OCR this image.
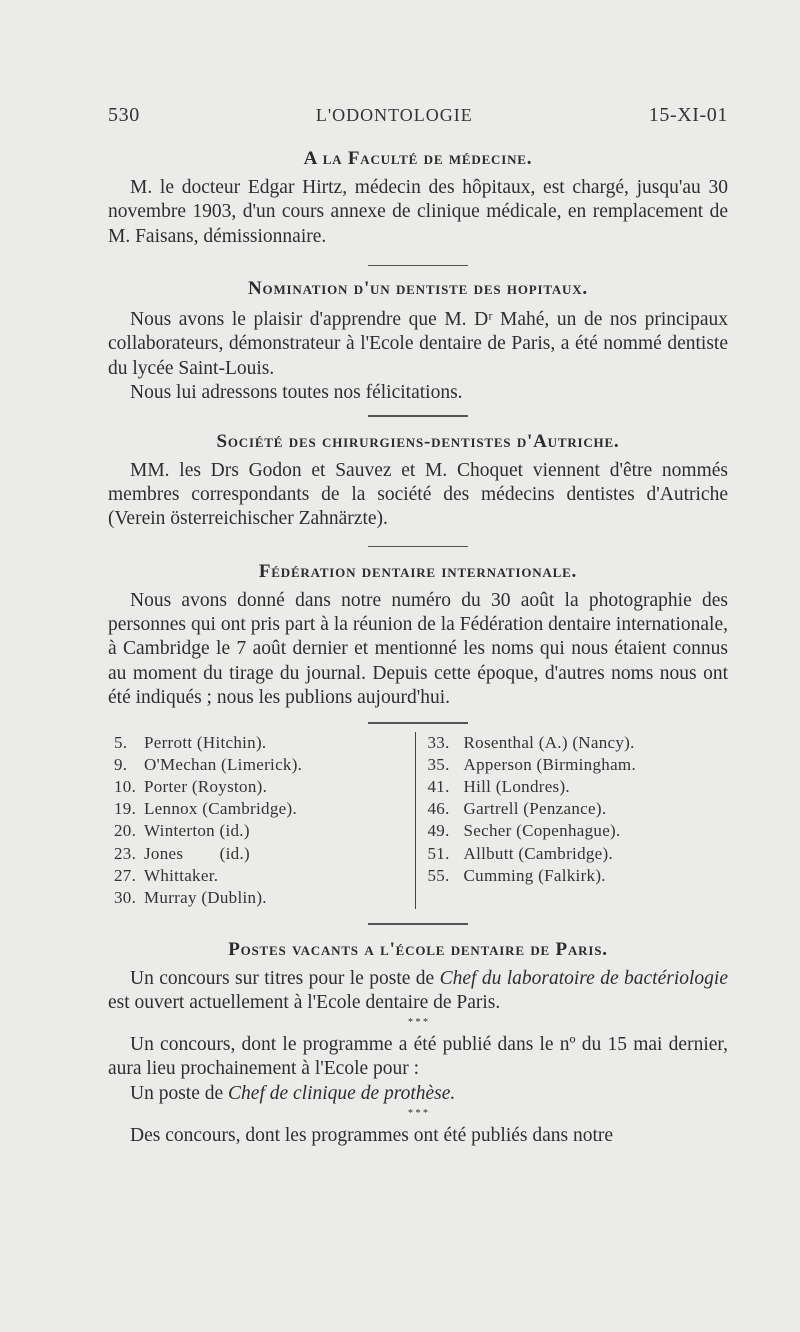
530	L'ODONTOLOGIE	15-XI-01
A la Faculté de médecine.

M. le docteur Edgar Hirtz, médecin des hôpitaux, est chargé, jusqu'au 30 novembre 1903, d'un cours annexe de clinique médicale, en remplacement de M. Faisans, démissionnaire.

Nomination d'un dentiste des hopitaux.

Nous avons le plaisir d'apprendre que M. Dʳ Mahé, un de nos principaux collaborateurs, démonstrateur à l'Ecole dentaire de Paris, a été nommé dentiste du lycée Saint-Louis.

Nous lui adressons toutes nos félicitations.

Société des chirurgiens-dentistes d'Autriche.

MM. les Drs Godon et Sauvez et M. Choquet viennent d'être nommés membres correspondants de la société des médecins dentistes d'Autriche (Verein österreichischer Zahnärzte).

Fédération dentaire internationale.

Nous avons donné dans notre numéro du 30 août la photographie des personnes qui ont pris part à la réunion de la Fédération dentaire internationale, à Cambridge le 7 août dernier et mentionné les noms qui nous étaient connus au moment du tirage du journal. Depuis cette époque, d'autres noms nous ont été indiqués ; nous les publions aujourd'hui.

5. Perrott (Hitchin).
9. O'Mechan (Limerick).
10. Porter (Royston).
19. Lennox (Cambridge).
20. Winterton (id.)
23. Jones        (id.)
27. Whittaker.
30. Murray (Dublin).
33. Rosenthal (A.) (Nancy).
35. Apperson (Birmingham.
41. Hill (Londres).
46. Gartrell (Penzance).
49. Secher (Copenhague).
51. Allbutt (Cambridge).
55. Cumming (Falkirk).
Postes vacants a l'école dentaire de Paris.

Un concours sur titres pour le poste de Chef du laboratoire de bactériologie est ouvert actuellement à l'Ecole dentaire de Paris.

* * *

Un concours, dont le programme a été publié dans le nº du 15 mai dernier, aura lieu prochainement à l'Ecole pour :

Un poste de Chef de clinique de prothèse.

* * *

Des concours, dont les programmes ont été publiés dans notre
